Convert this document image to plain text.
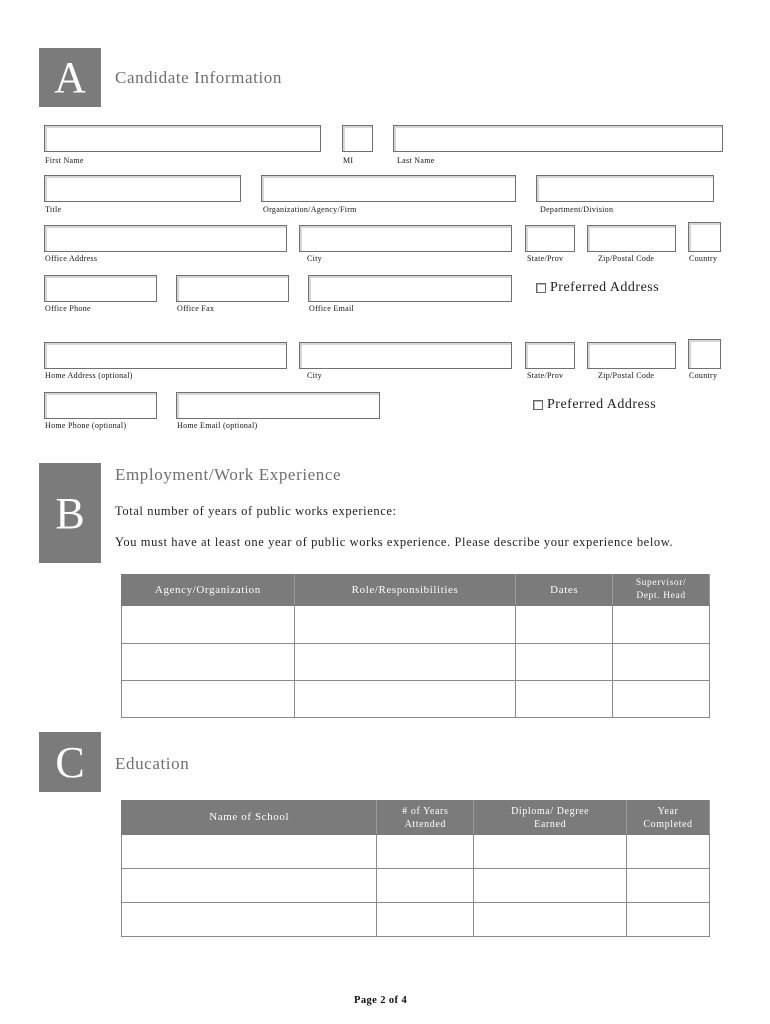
A	Candidate Information
First Name	MI	Last Name
Title	Organization/Agency/Firm	Department/Division
Office Address	City	State/Prov	Zip/Postal Code	Country
Preferred Address
Office Phone	Office Fax	Office Email
Home Address (optional)	City	State/Prov	Zip/Postal Code	Country
Preferred Address
Home Phone (optional)	Home Email (optional)
B
Employment/Work Experience
Total number of years of public works experience:
You must have at least one year of public works experience. Please describe your experience below.
Agency/Organization	Role/Responsibilities	Dates	Supervisor/ Dept. Head

C	Education
Name of School	# of Years Attended	Diploma/ Degree Earned	Year Completed

Page 2 of 4
